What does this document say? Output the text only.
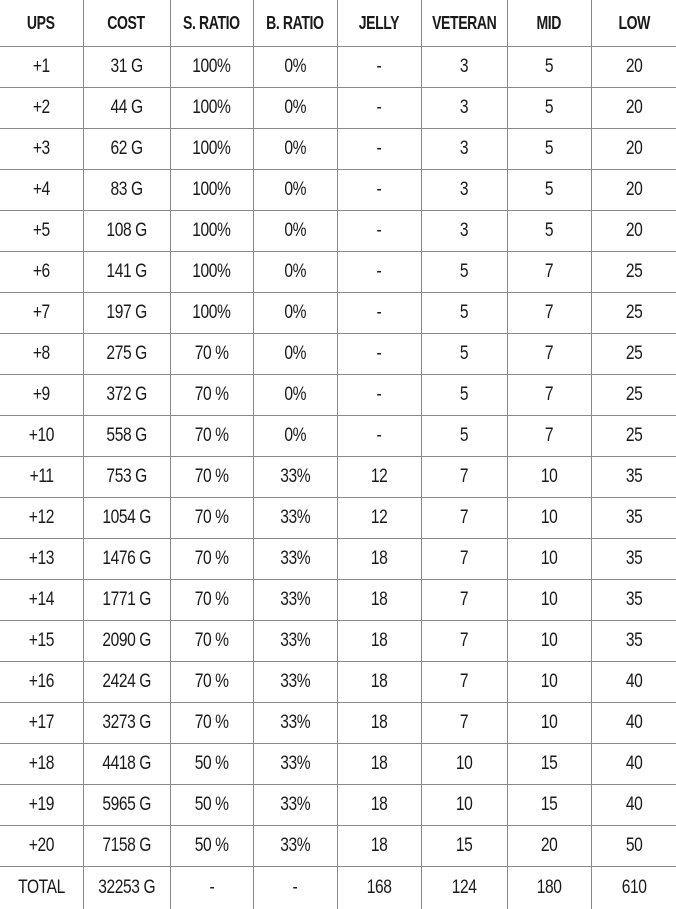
UPS	COST	S. RATIO	B. RATIO	JELLY	VETERAN	MID	LOW
+1	31 G	100%	0%	-	3	5	20
+2	44 G	100%	0%	-	3	5	20
+3	62 G	100%	0%	-	3	5	20
+4	83 G	100%	0%	-	3	5	20
+5	108 G	100%	0%	-	3	5	20
+6	141 G	100%	0%	-	5	7	25
+7	197 G	100%	0%	-	5	7	25
+8	275 G	70 %	0%	-	5	7	25
+9	372 G	70 %	0%	-	5	7	25
+10	558 G	70 %	0%	-	5	7	25
+11	753 G	70 %	33%	12	7	10	35
+12	1054 G	70 %	33%	12	7	10	35
+13	1476 G	70 %	33%	18	7	10	35
+14	1771 G	70 %	33%	18	7	10	35
+15	2090 G	70 %	33%	18	7	10	35
+16	2424 G	70 %	33%	18	7	10	40
+17	3273 G	70 %	33%	18	7	10	40
+18	4418 G	50 %	33%	18	10	15	40
+19	5965 G	50 %	33%	18	10	15	40
+20	7158 G	50 %	33%	18	15	20	50
TOTAL	32253 G	-	-	168	124	180	610
